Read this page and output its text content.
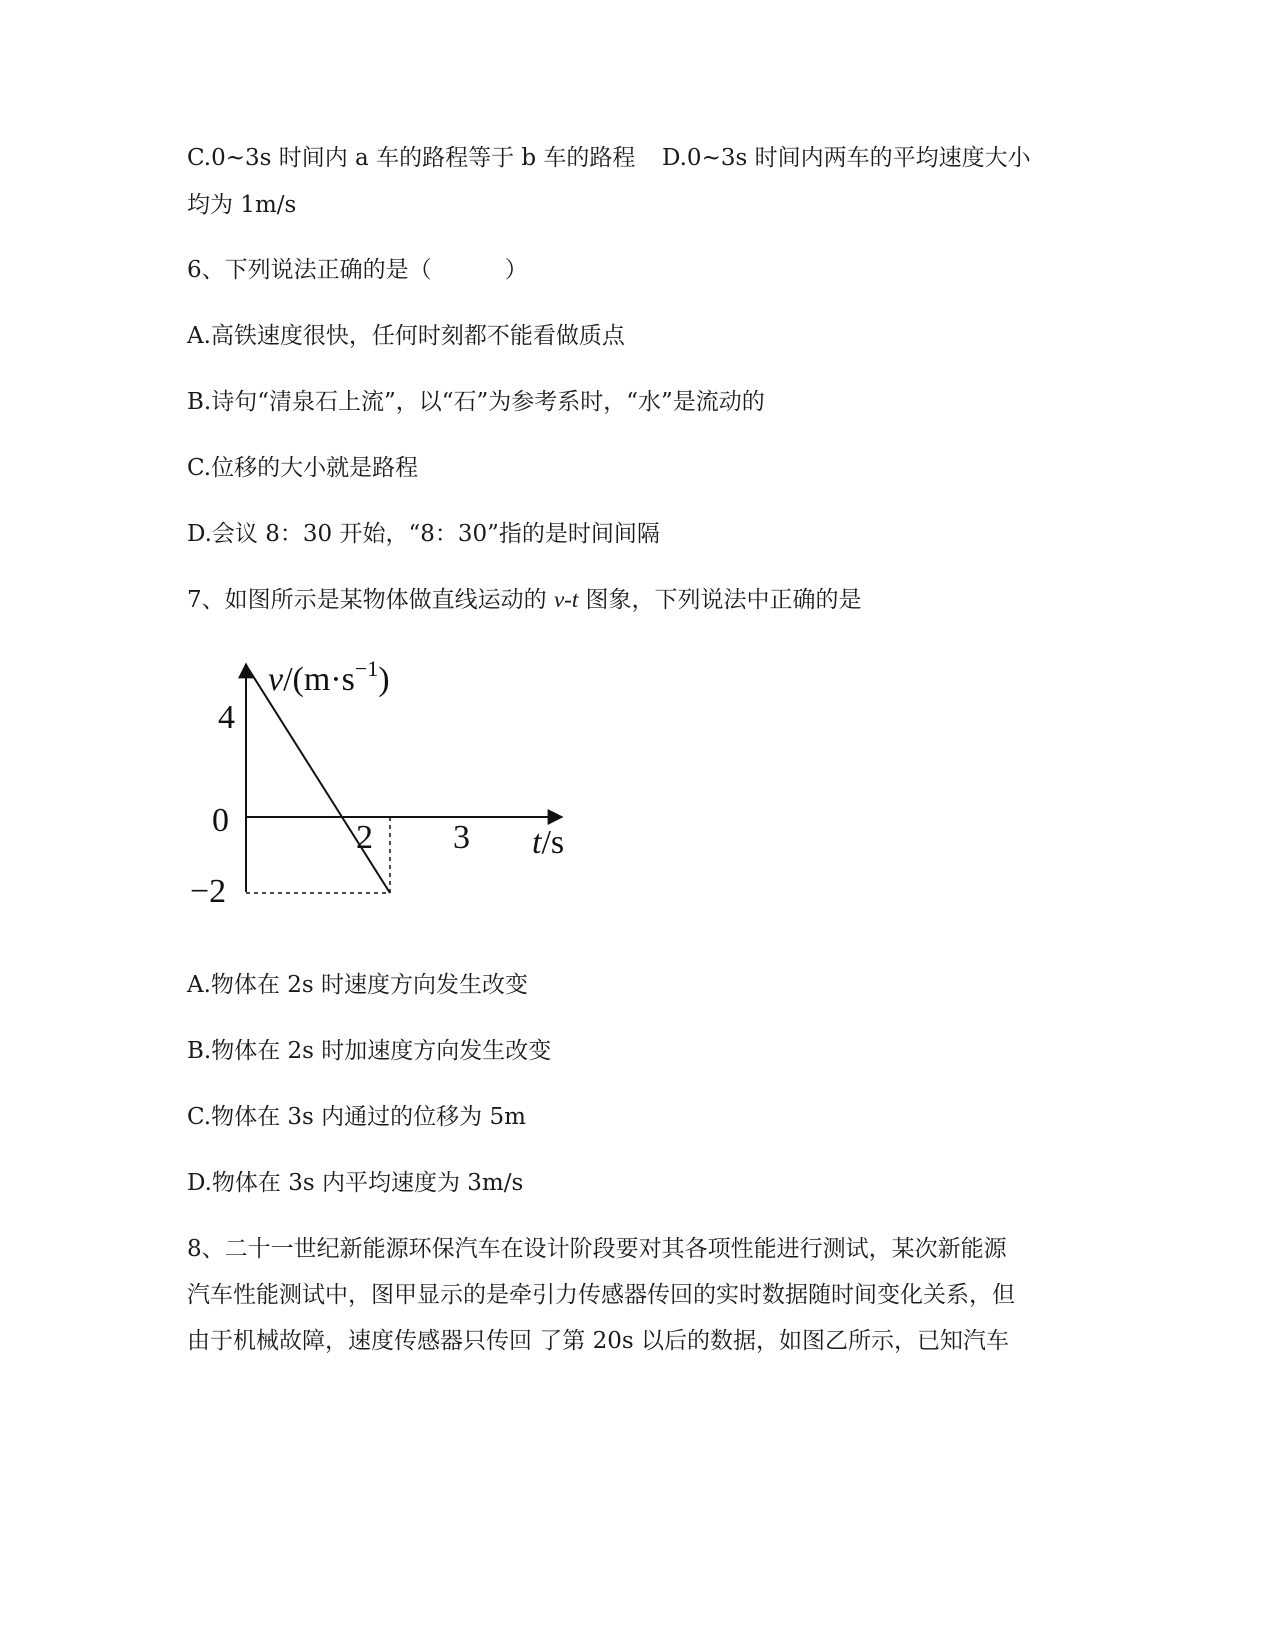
C.0~3s 时间内 a 车的路程等于 b 车的路程 D.0~3s 时间内两车的平均速度大小
均为 1m/s
6、下列说法正确的是（          ）
A.高铁速度很快，任何时刻都不能看做质点
B.诗句“清泉石上流”，以“石”为参考系时，“水”是流动的
C.位移的大小就是路程
D.会议 8：30 开始，“8：30”指的是时间间隔
7、如图所示是某物体做直线运动的 v-t 图象，下列说法中正确的是
$v/(m\cdot s^{-1})$
t/s
4
0
−2
2 3
A.物体在 2s 时速度方向发生改变
B.物体在 2s 时加速度方向发生改变
C.物体在 3s 内通过的位移为 5m
D.物体在 3s 内平均速度为 3m/s
8、二十一世纪新能源环保汽车在设计阶段要对其各项性能进行测试，某次新能源
汽车性能测试中，图甲显示的是牵引力传感器传回的实时数据随时间变化关系，但
由于机械故障，速度传感器只传回 了第 20s 以后的数据，如图乙所示，已知汽车
